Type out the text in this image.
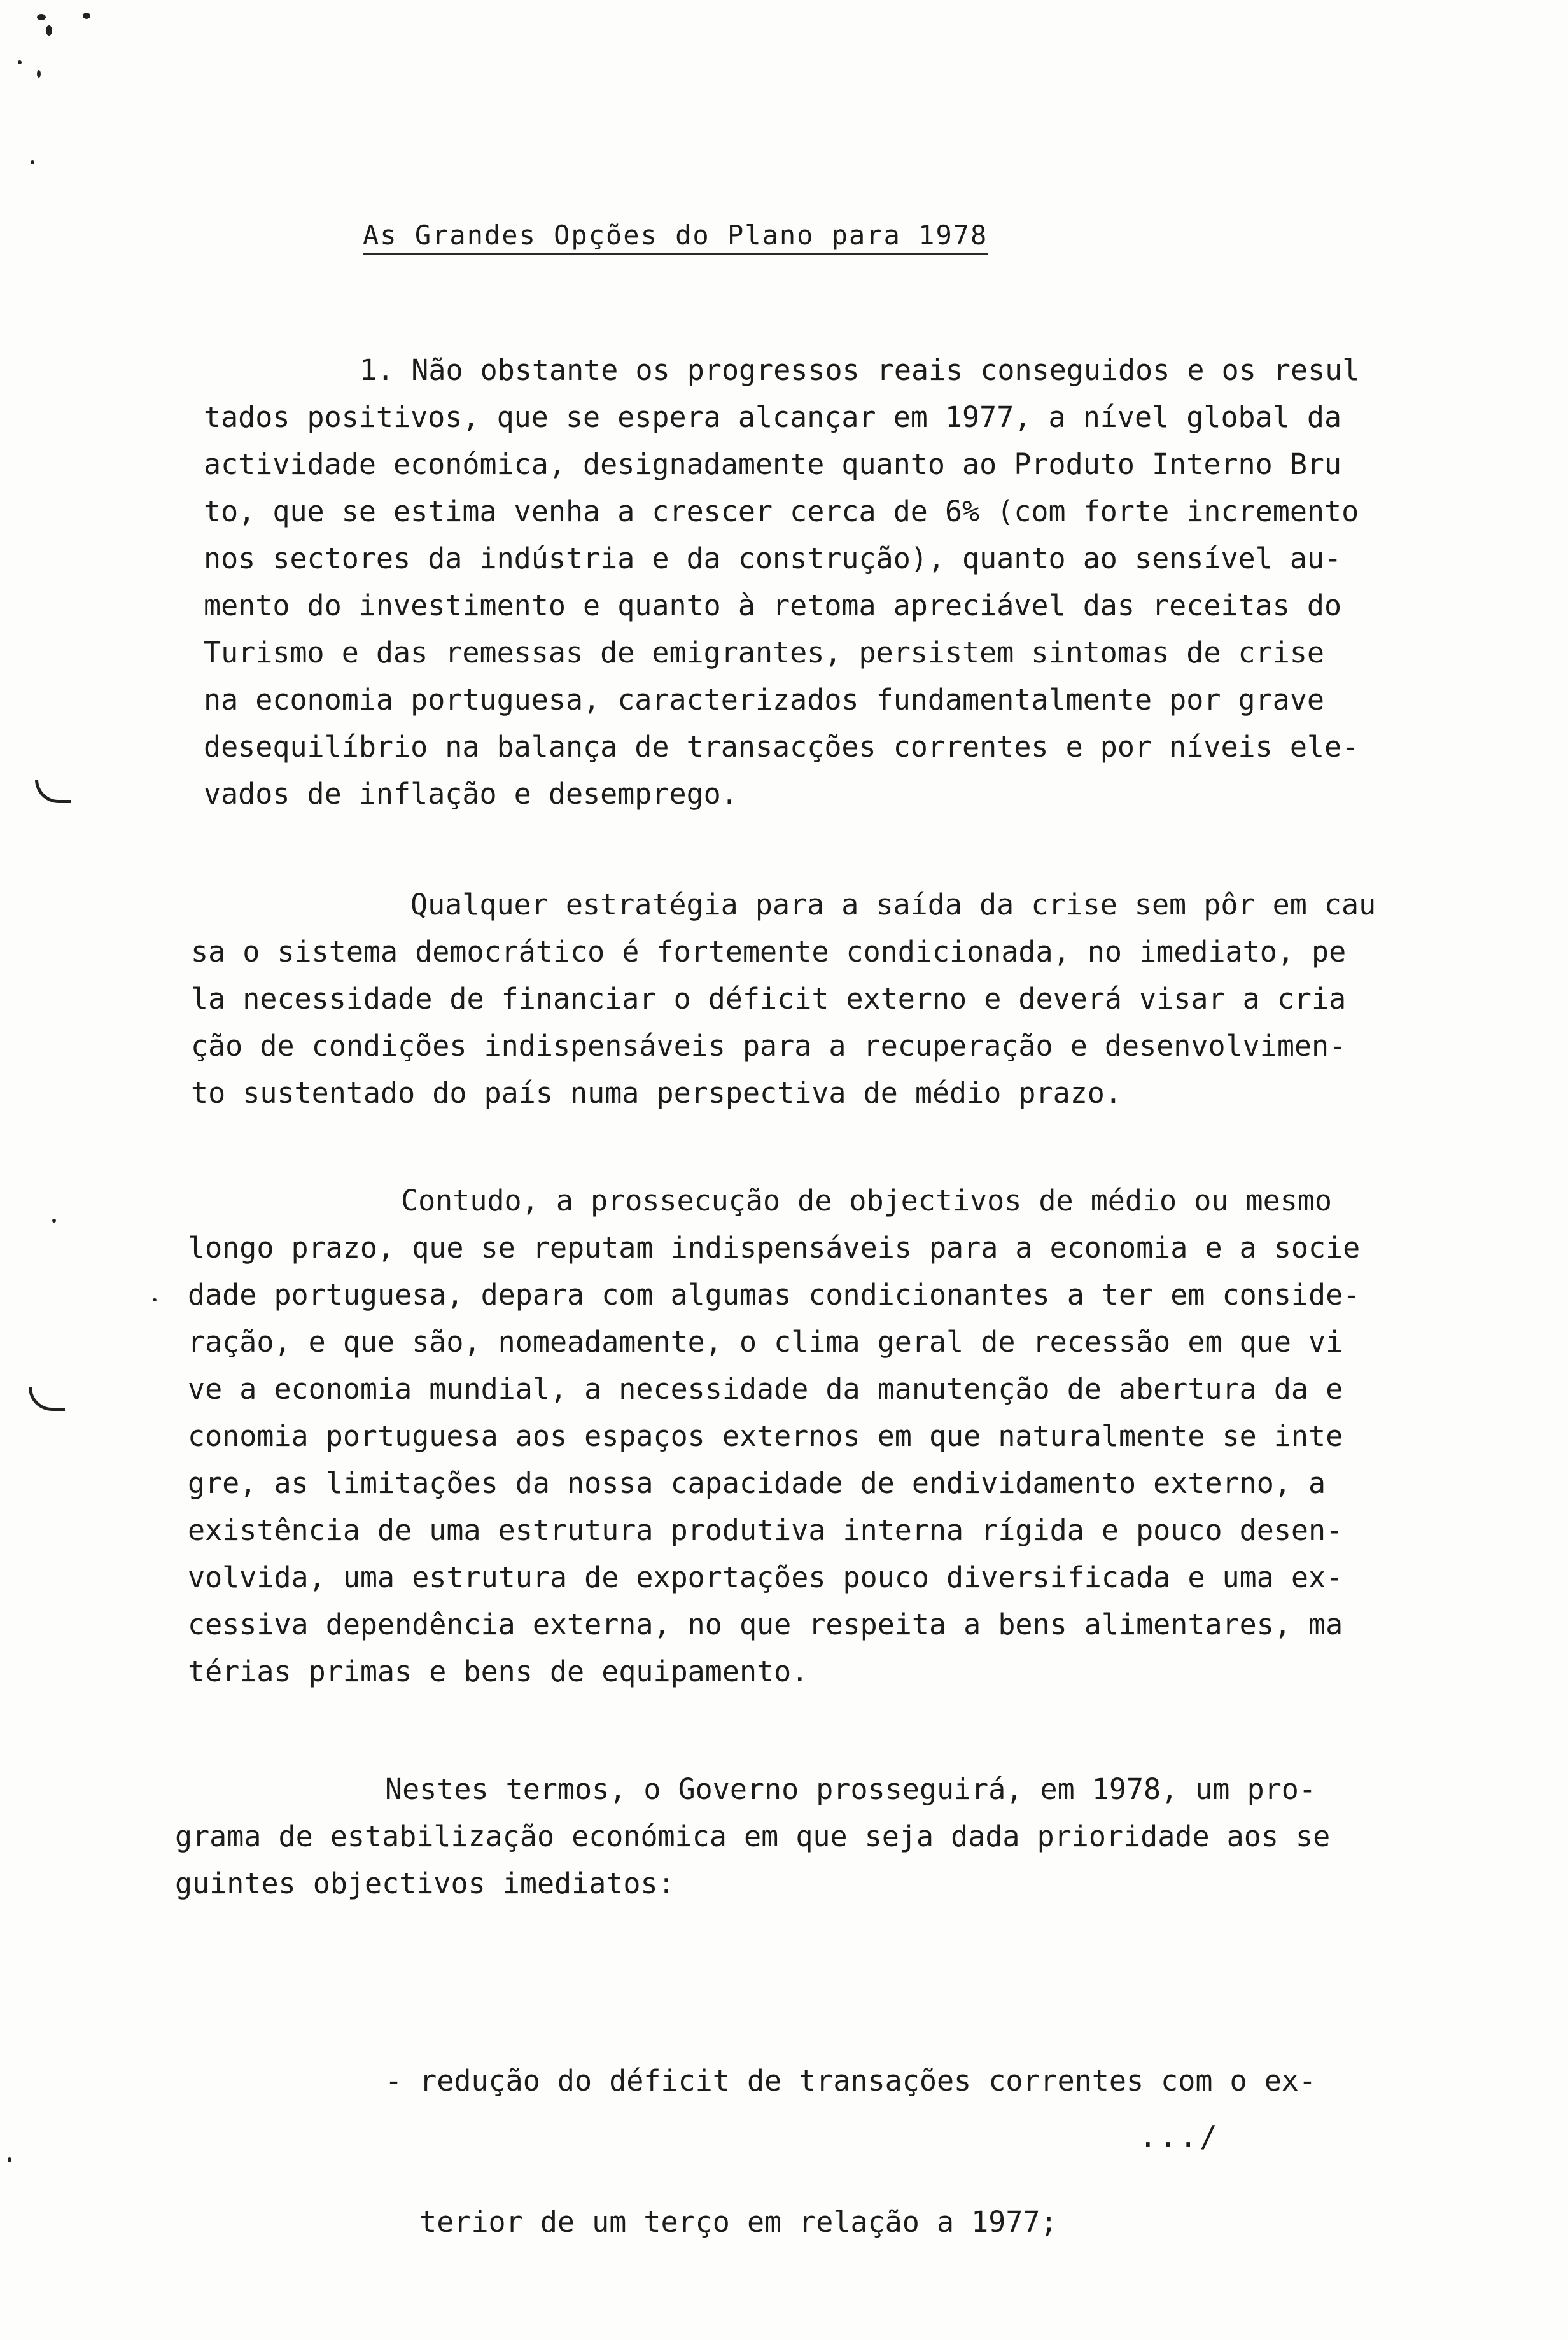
As Grandes Opções do Plano para 1978

1. Não obstante os progressos reais conseguidos e os resul
tados positivos, que se espera alcançar em 1977, a nível global da
actividade económica, designadamente quanto ao Produto Interno Bru
to, que se estima venha a crescer cerca de 6% (com forte incremento
nos sectores da indústria e da construção), quanto ao sensível au-
mento do investimento e quanto à retoma apreciável das receitas do
Turismo e das remessas de emigrantes, persistem sintomas de crise
na economia portuguesa, caracterizados fundamentalmente por grave
desequilíbrio na balança de transacções correntes e por níveis ele-
vados de inflação e desemprego.

Qualquer estratégia para a saída da crise sem pôr em cau
sa o sistema democrático é fortemente condicionada, no imediato, pe
la necessidade de financiar o déficit externo e deverá visar a cria
ção de condições indispensáveis para a recuperação e desenvolvimen-
to sustentado do país numa perspectiva de médio prazo.

Contudo, a prossecução de objectivos de médio ou mesmo
longo prazo, que se reputam indispensáveis para a economia e a socie
dade portuguesa, depara com algumas condicionantes a ter em conside-
ração, e que são, nomeadamente, o clima geral de recessão em que vi
ve a economia mundial, a necessidade da manutenção de abertura da e
conomia portuguesa aos espaços externos em que naturalmente se inte
gre, as limitações da nossa capacidade de endividamento externo, a
existência de uma estrutura produtiva interna rígida e pouco desen-
volvida, uma estrutura de exportações pouco diversificada e uma ex-
cessiva dependência externa, no que respeita a bens alimentares, ma
térias primas e bens de equipamento.

Nestes termos, o Governo prosseguirá, em 1978, um pro-
grama de estabilização económica em que seja dada prioridade aos se
guintes objectivos imediatos:

- redução do déficit de transações correntes com o ex-

terior de um terço em relação a 1977;

.../
